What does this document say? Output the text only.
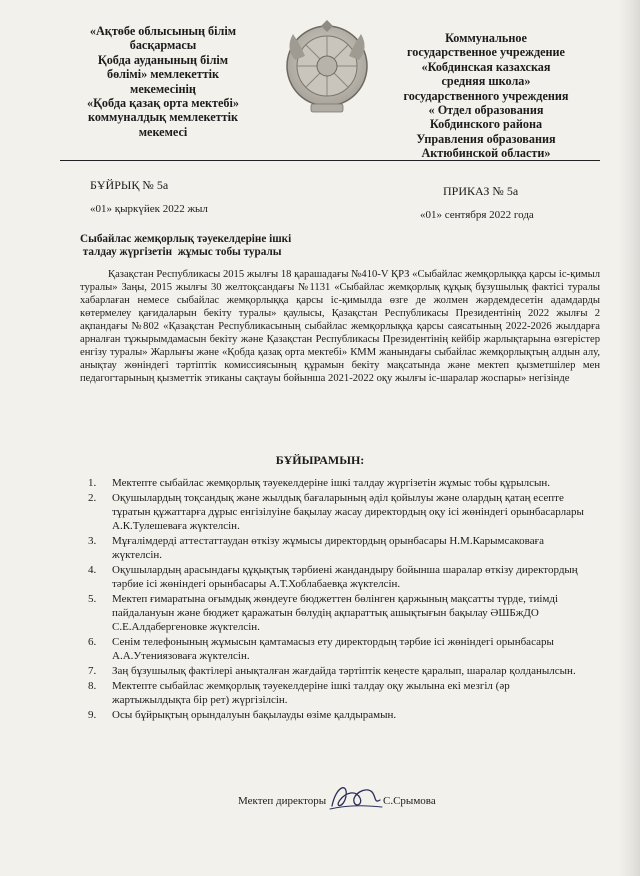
«Ақтөбе облысының білім
басқармасы
Қобда ауданының білім
бөлімі» мемлекеттік
мекемесінің
«Қобда қазақ орта мектебі»
коммуналдық мемлекеттік
мекемесі
Коммунальное
государственное учреждение
«Кобдинская казахская
средняя школа»
государственного учреждения
« Отдел образования
Кобдинского района
Управления образования
Актюбинской области»
БҰЙРЫҚ № 5а
«01» қыркүйек 2022 жыл
ПРИКАЗ № 5а
«01» сентября 2022 года
Сыбайлас жемқорлық тәуекелдеріне ішкі
талдау жүргізетін  жұмыс тобы туралы
Қазақстан Республикасы 2015 жылғы 18 қарашадағы №410-V ҚРЗ «Сыбайлас жемқорлыққа қарсы іс-қимыл туралы» Заңы, 2015 жылғы 30 желтоқсандағы №1131 «Сыбайлас жемқорлық құқық бұзушылық фактісі туралы хабарлаған немесе сыбайлас жемқорлыққа қарсы іс-қимылда өзге де жолмен жәрдемдесетін адамдарды көтермелеу қағидаларын бекіту туралы» қаулысы, Қазақстан Республикасы Президентінің 2022 жылғы 2 ақпандағы №802 «Қазақстан Республикасының сыбайлас жемқорлыққа қарсы саясатының 2022-2026 жылдарға арналған тұжырымдамасын бекіту және Қазақстан Республикасы Президентінің кейбір жарлықтарына өзгерістер енгізу туралы» Жарлығы және «Қобда қазақ орта мектебі» КММ жанындағы сыбайлас жемқорлықтың алдын алу, анықтау жөніндегі тәртіптік комиссиясының құрамын бекіту мақсатында және мектеп қызметшілер мен педагогтарының қызметтік этиканы сақтауы бойынша 2021-2022 оқу жылғы іс-шаралар жоспары» негізінде
БҰЙЫРАМЫН:
1.	Мектепте сыбайлас жемқорлық тәуекелдеріне ішкі талдау жүргізетін жұмыс тобы құрылсын.
2.	Оқушылардың тоқсандық және жылдық бағаларының әділ қойылуы және олардың қатаң есепте тұратын құжаттарға дұрыс енгізілуіне бақылау жасау директордың оқу ісі жөніндегі орынбасарлары А.К.Тулешеваға жүктелсін.
3.	Мұғалімдерді аттестаттаудан өткізу жұмысы директордың орынбасары Н.М.Карымсаковаға жүктелсін.
4.	Оқушылардың арасындағы құқықтық тәрбиені жандандыру бойынша шаралар өткізу директордың тәрбие ісі жөніндегі орынбасары А.Т.Хоблабаевқа жүктелсін.
5.	Мектеп ғимаратына оғымдық жөндеуге бюджеттен бөлінген қаржының мақсатты түрде, тиімді пайдалануын және бюджет қаражатын бөлудің ақпараттық ашықтығын бақылау ӘШБжДО С.Е.Алдабергеновке жүктелсін.
6.	Сенім телефонының жұмысын қамтамасыз ету директордың тәрбие ісі жөніндегі орынбасары А.А.Утениязоваға жүктелсін.
7.	Заң бұзушылық фактілері анықталған жағдайда тәртіптік кеңесте қаралып, шаралар қолданылсын.
8.	Мектепте сыбайлас жемқорлық тәуекелдеріне ішкі талдау оқу жылына екі мезгіл (әр жартыжылдықта бір рет) жүргізілсін.
9.	Осы бұйрықтың орындалуын бақылауды өзіме қалдырамын.
Мектеп директоры	С.Срымова
